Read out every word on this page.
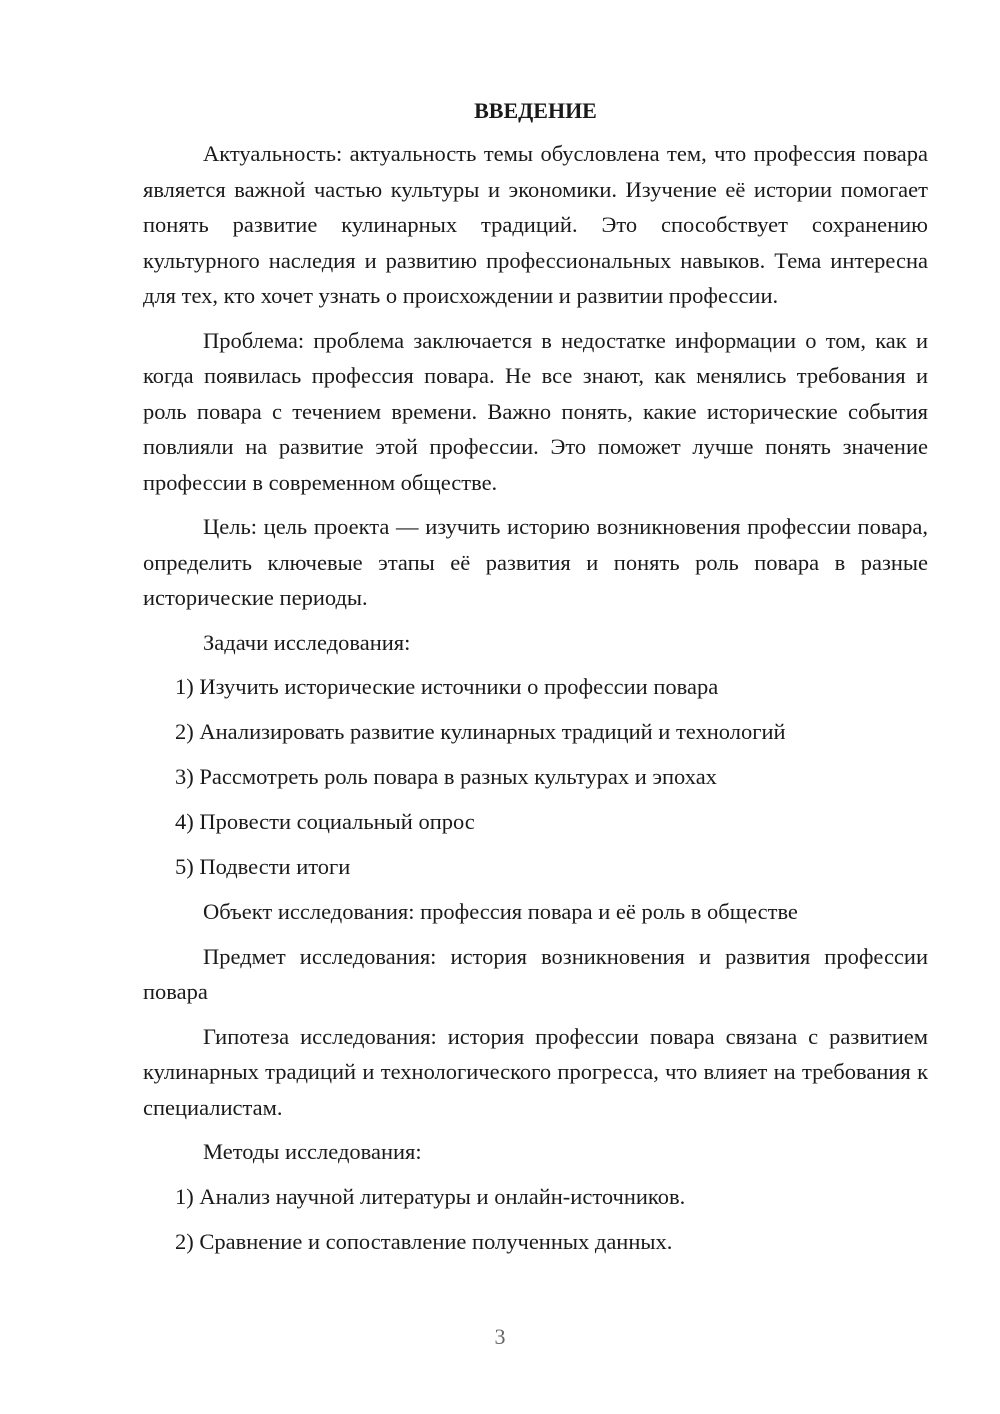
ВВЕДЕНИЕ

Актуальность: актуальность темы обусловлена тем, что профессия повара является важной частью культуры и экономики. Изучение её истории помогает понять развитие кулинарных традиций. Это способствует сохранению культурного наследия и развитию профессиональных навыков. Тема интересна для тех, кто хочет узнать о происхождении и развитии профессии.

Проблема: проблема заключается в недостатке информации о том, как и когда появилась профессия повара. Не все знают, как менялись требования и роль повара с течением времени. Важно понять, какие исторические события повлияли на развитие этой профессии. Это поможет лучше понять значение профессии в современном обществе.

Цель: цель проекта — изучить историю возникновения профессии повара, определить ключевые этапы её развития и понять роль повара в разные исторические периоды.

Задачи исследования:

1) Изучить исторические источники о профессии повара
2) Анализировать развитие кулинарных традиций и технологий
3) Рассмотреть роль повара в разных культурах и эпохах
4) Провести социальный опрос
5) Подвести итоги

Объект исследования: профессия повара и её роль в обществе

Предмет исследования: история возникновения и развития профессии повара

Гипотеза исследования: история профессии повара связана с развитием кулинарных традиций и технологического прогресса, что влияет на требования к специалистам.

Методы исследования:

1) Анализ научной литературы и онлайн-источников.
2) Сравнение и сопоставление полученных данных.
3
